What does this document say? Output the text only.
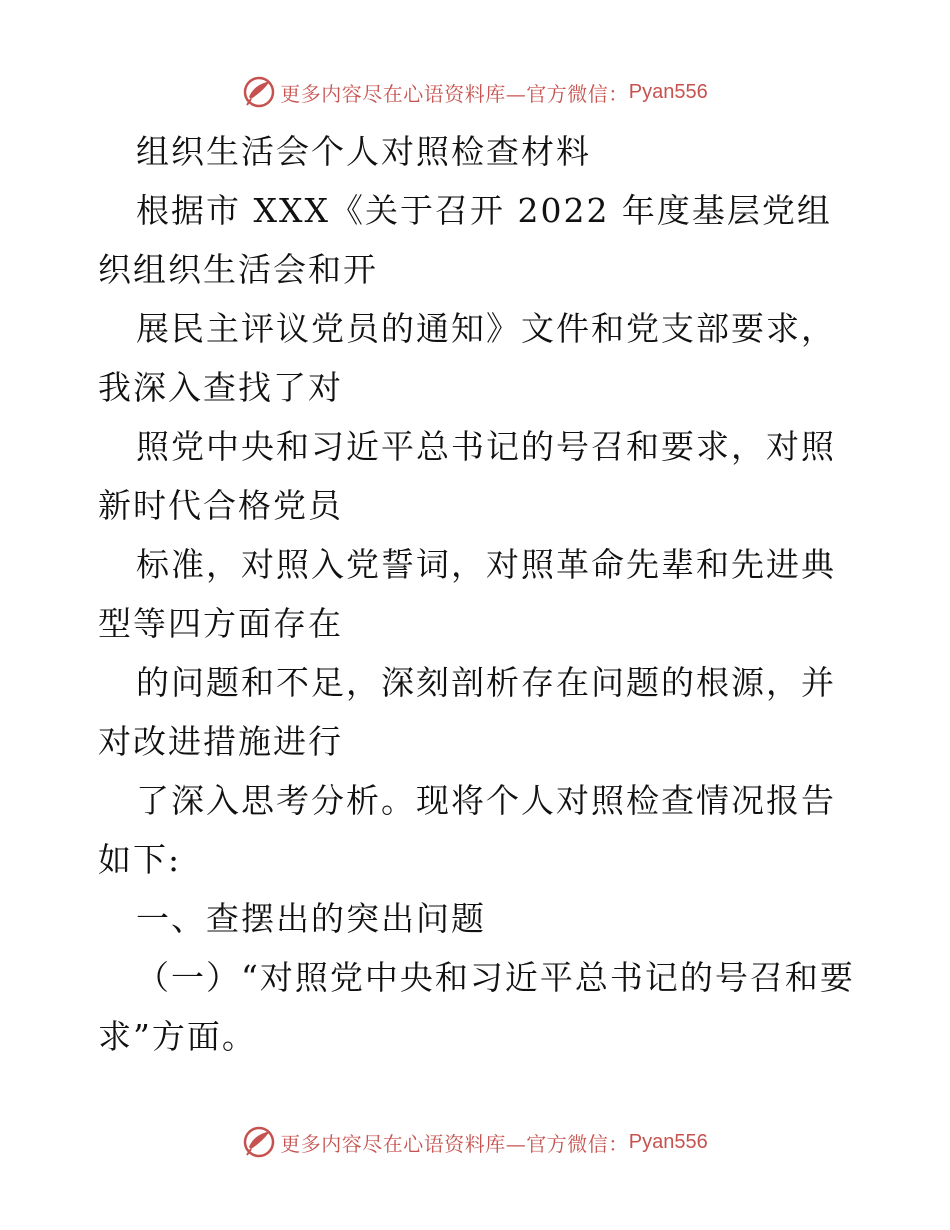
更多内容尽在心语资料库—官方微信： Pyan556

组织生活会个人对照检查材料

根据市 XXX《关于召开 2022 年度基层党组织组织生活会和开

展民主评议党员的通知》文件和党支部要求，我深入查找了对

照党中央和习近平总书记的号召和要求，对照新时代合格党员

标准，对照入党誓词，对照革命先辈和先进典型等四方面存在

的问题和不足，深刻剖析存在问题的根源，并对改进措施进行

了深入思考分析。现将个人对照检查情况报告如下:

一、查摆出的突出问题

（一）“对照党中央和习近平总书记的号召和要求”方面。

更多内容尽在心语资料库—官方微信： Pyan556
